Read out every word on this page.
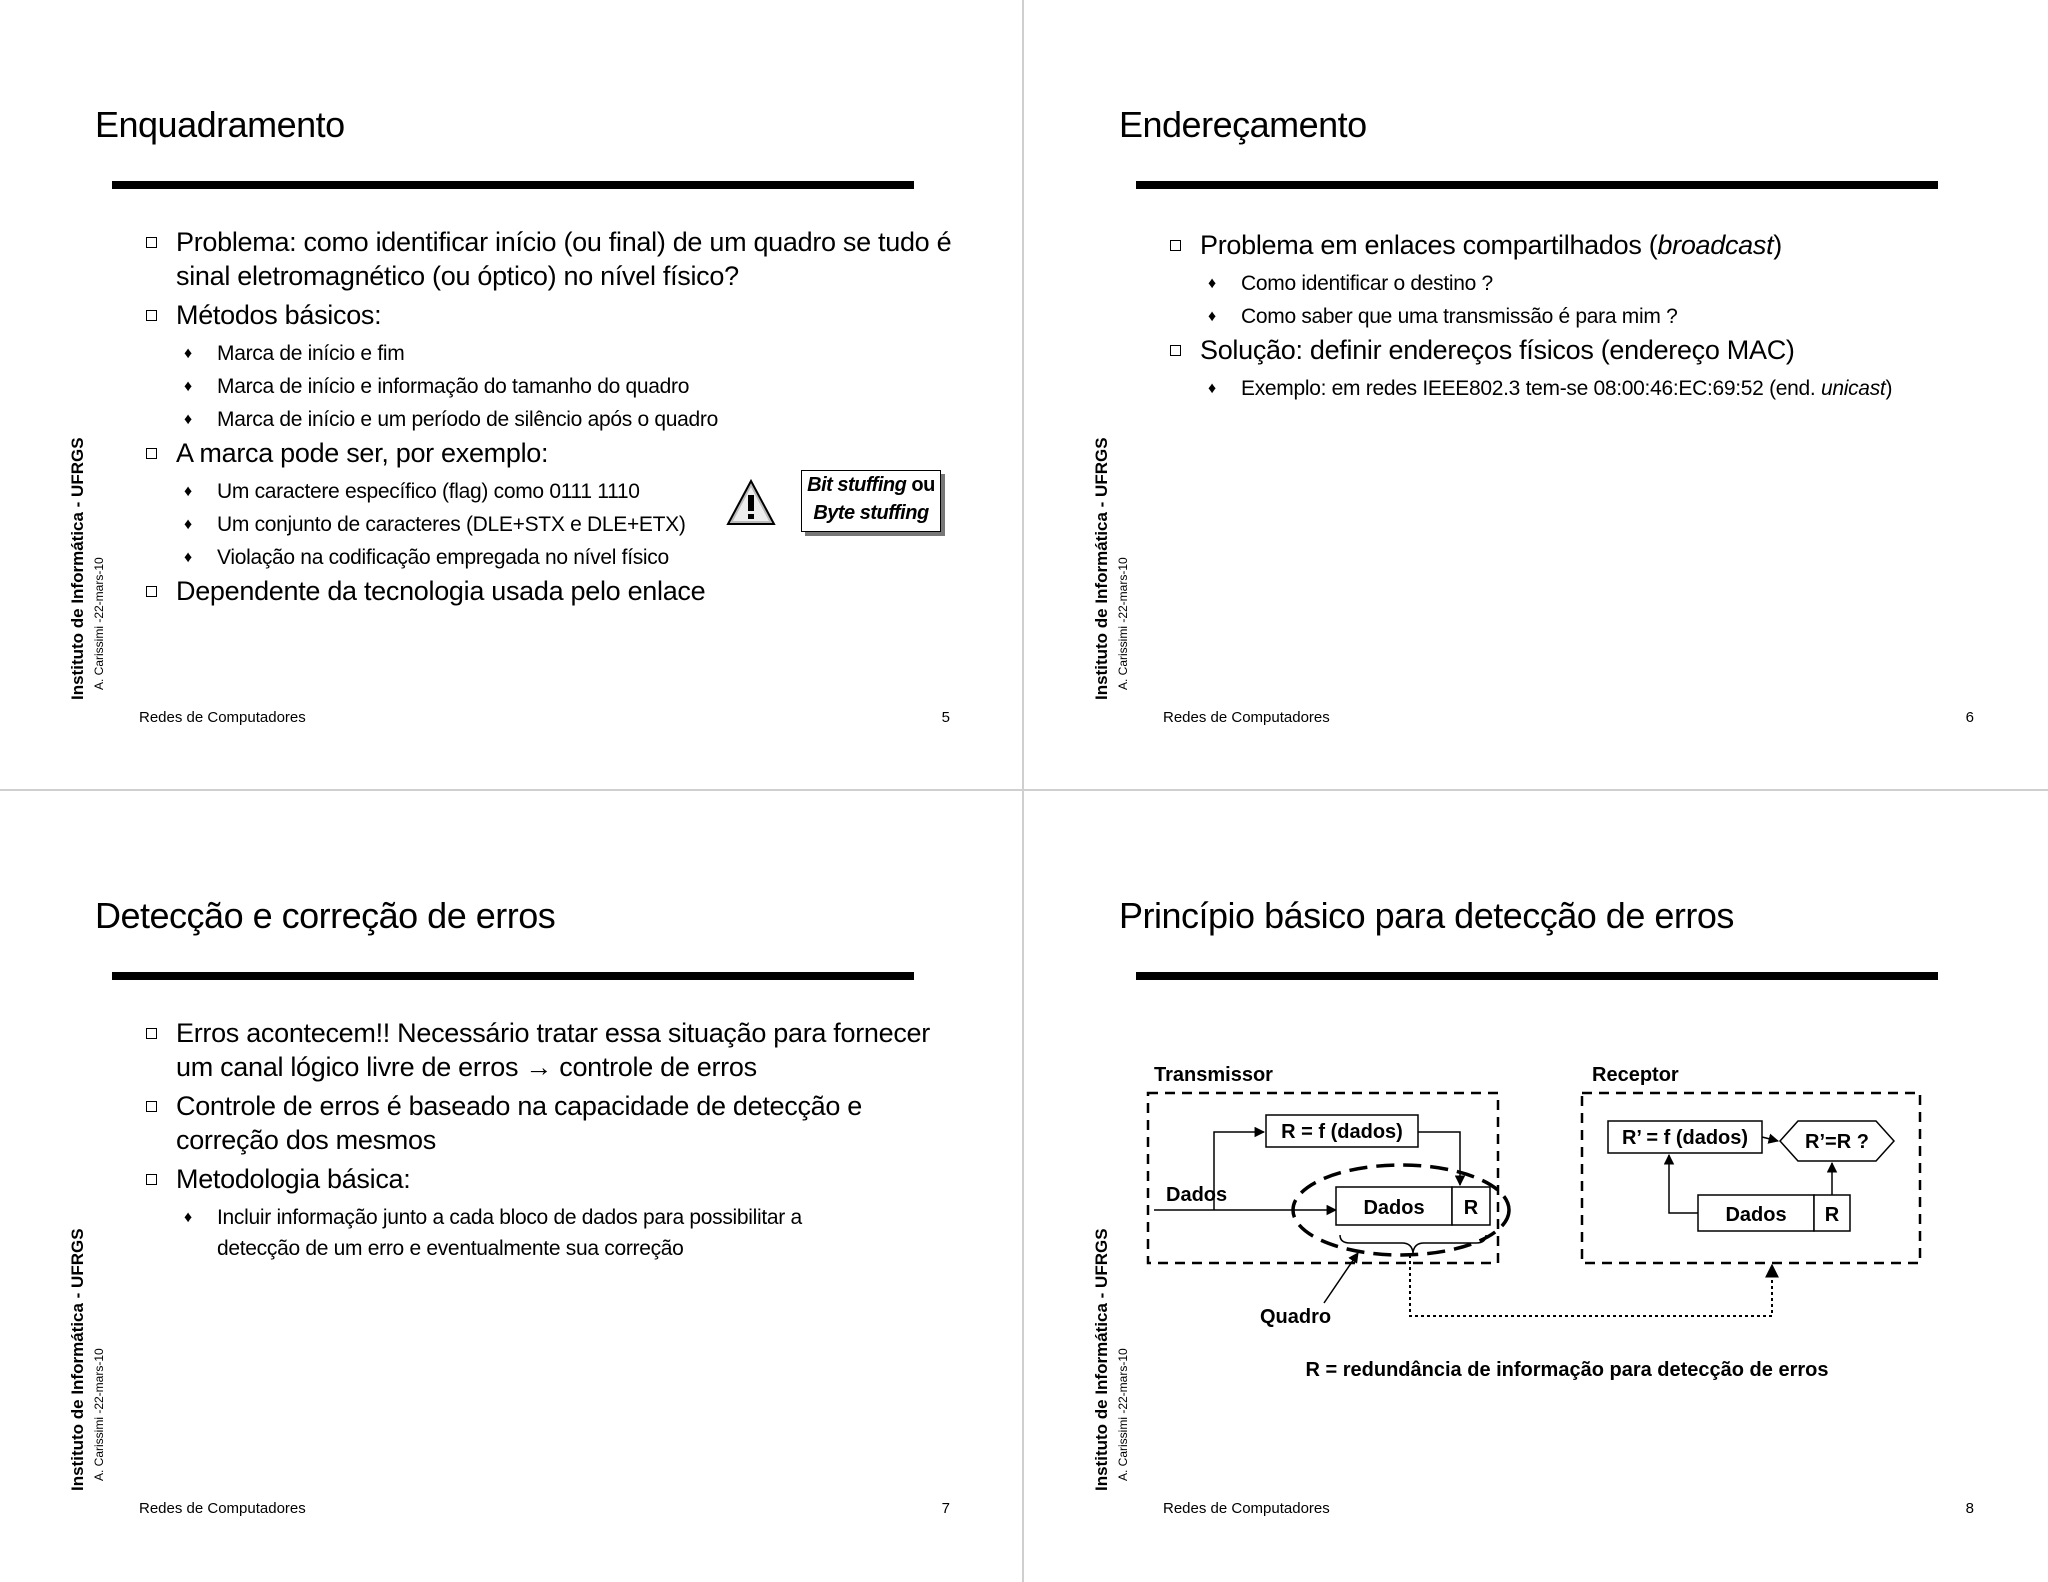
Enquadramento
Problema: como identificar início (ou final) de um quadro se tudo é sinal eletromagnético (ou óptico) no nível físico?
Métodos básicos:
♦ Marca de início e fim
♦ Marca de início e informação do tamanho do quadro
♦ Marca de início e um período de silêncio após o quadro
A marca pode ser, por exemplo:
♦ Um caractere específico (flag) como 0111 1110
♦ Um conjunto de caracteres (DLE+STX e DLE+ETX)
♦ Violação na codificação empregada no nível físico
Dependente da tecnologia usada pelo enlace
Bit stuffing ou
Byte stuffing
Instituto de Informática - UFRGS A. Carissimi -22-mars-10
Redes de Computadores	5
Endereçamento
Problema em enlaces compartilhados (broadcast)
♦ Como identificar o destino ?
♦ Como saber que uma transmissão é para mim ?
Solução: definir endereços físicos (endereço MAC)
♦ Exemplo: em redes IEEE802.3 tem-se 08:00:46:EC:69:52 (end. unicast)
Instituto de Informática - UFRGS A. Carissimi -22-mars-10
Redes de Computadores	6
Detecção e correção de erros
Erros acontecem!! Necessário tratar essa situação para fornecer um canal lógico livre de erros → controle de erros
Controle de erros é baseado na capacidade de detecção e correção dos mesmos
Metodologia básica:
♦ Incluir informação junto a cada bloco de dados para possibilitar a detecção de um erro e eventualmente sua correção
Instituto de Informática - UFRGS A. Carissimi -22-mars-10
Redes de Computadores	7
Princípio básico para detecção de erros
Transmissor	Receptor
R = f (dados)
Dados
Dados R
Quadro
R’ = f (dados)	R’=R ?
Dados R
R = redundância de informação para detecção de erros
Instituto de Informática - UFRGS A. Carissimi -22-mars-10
Redes de Computadores	8
